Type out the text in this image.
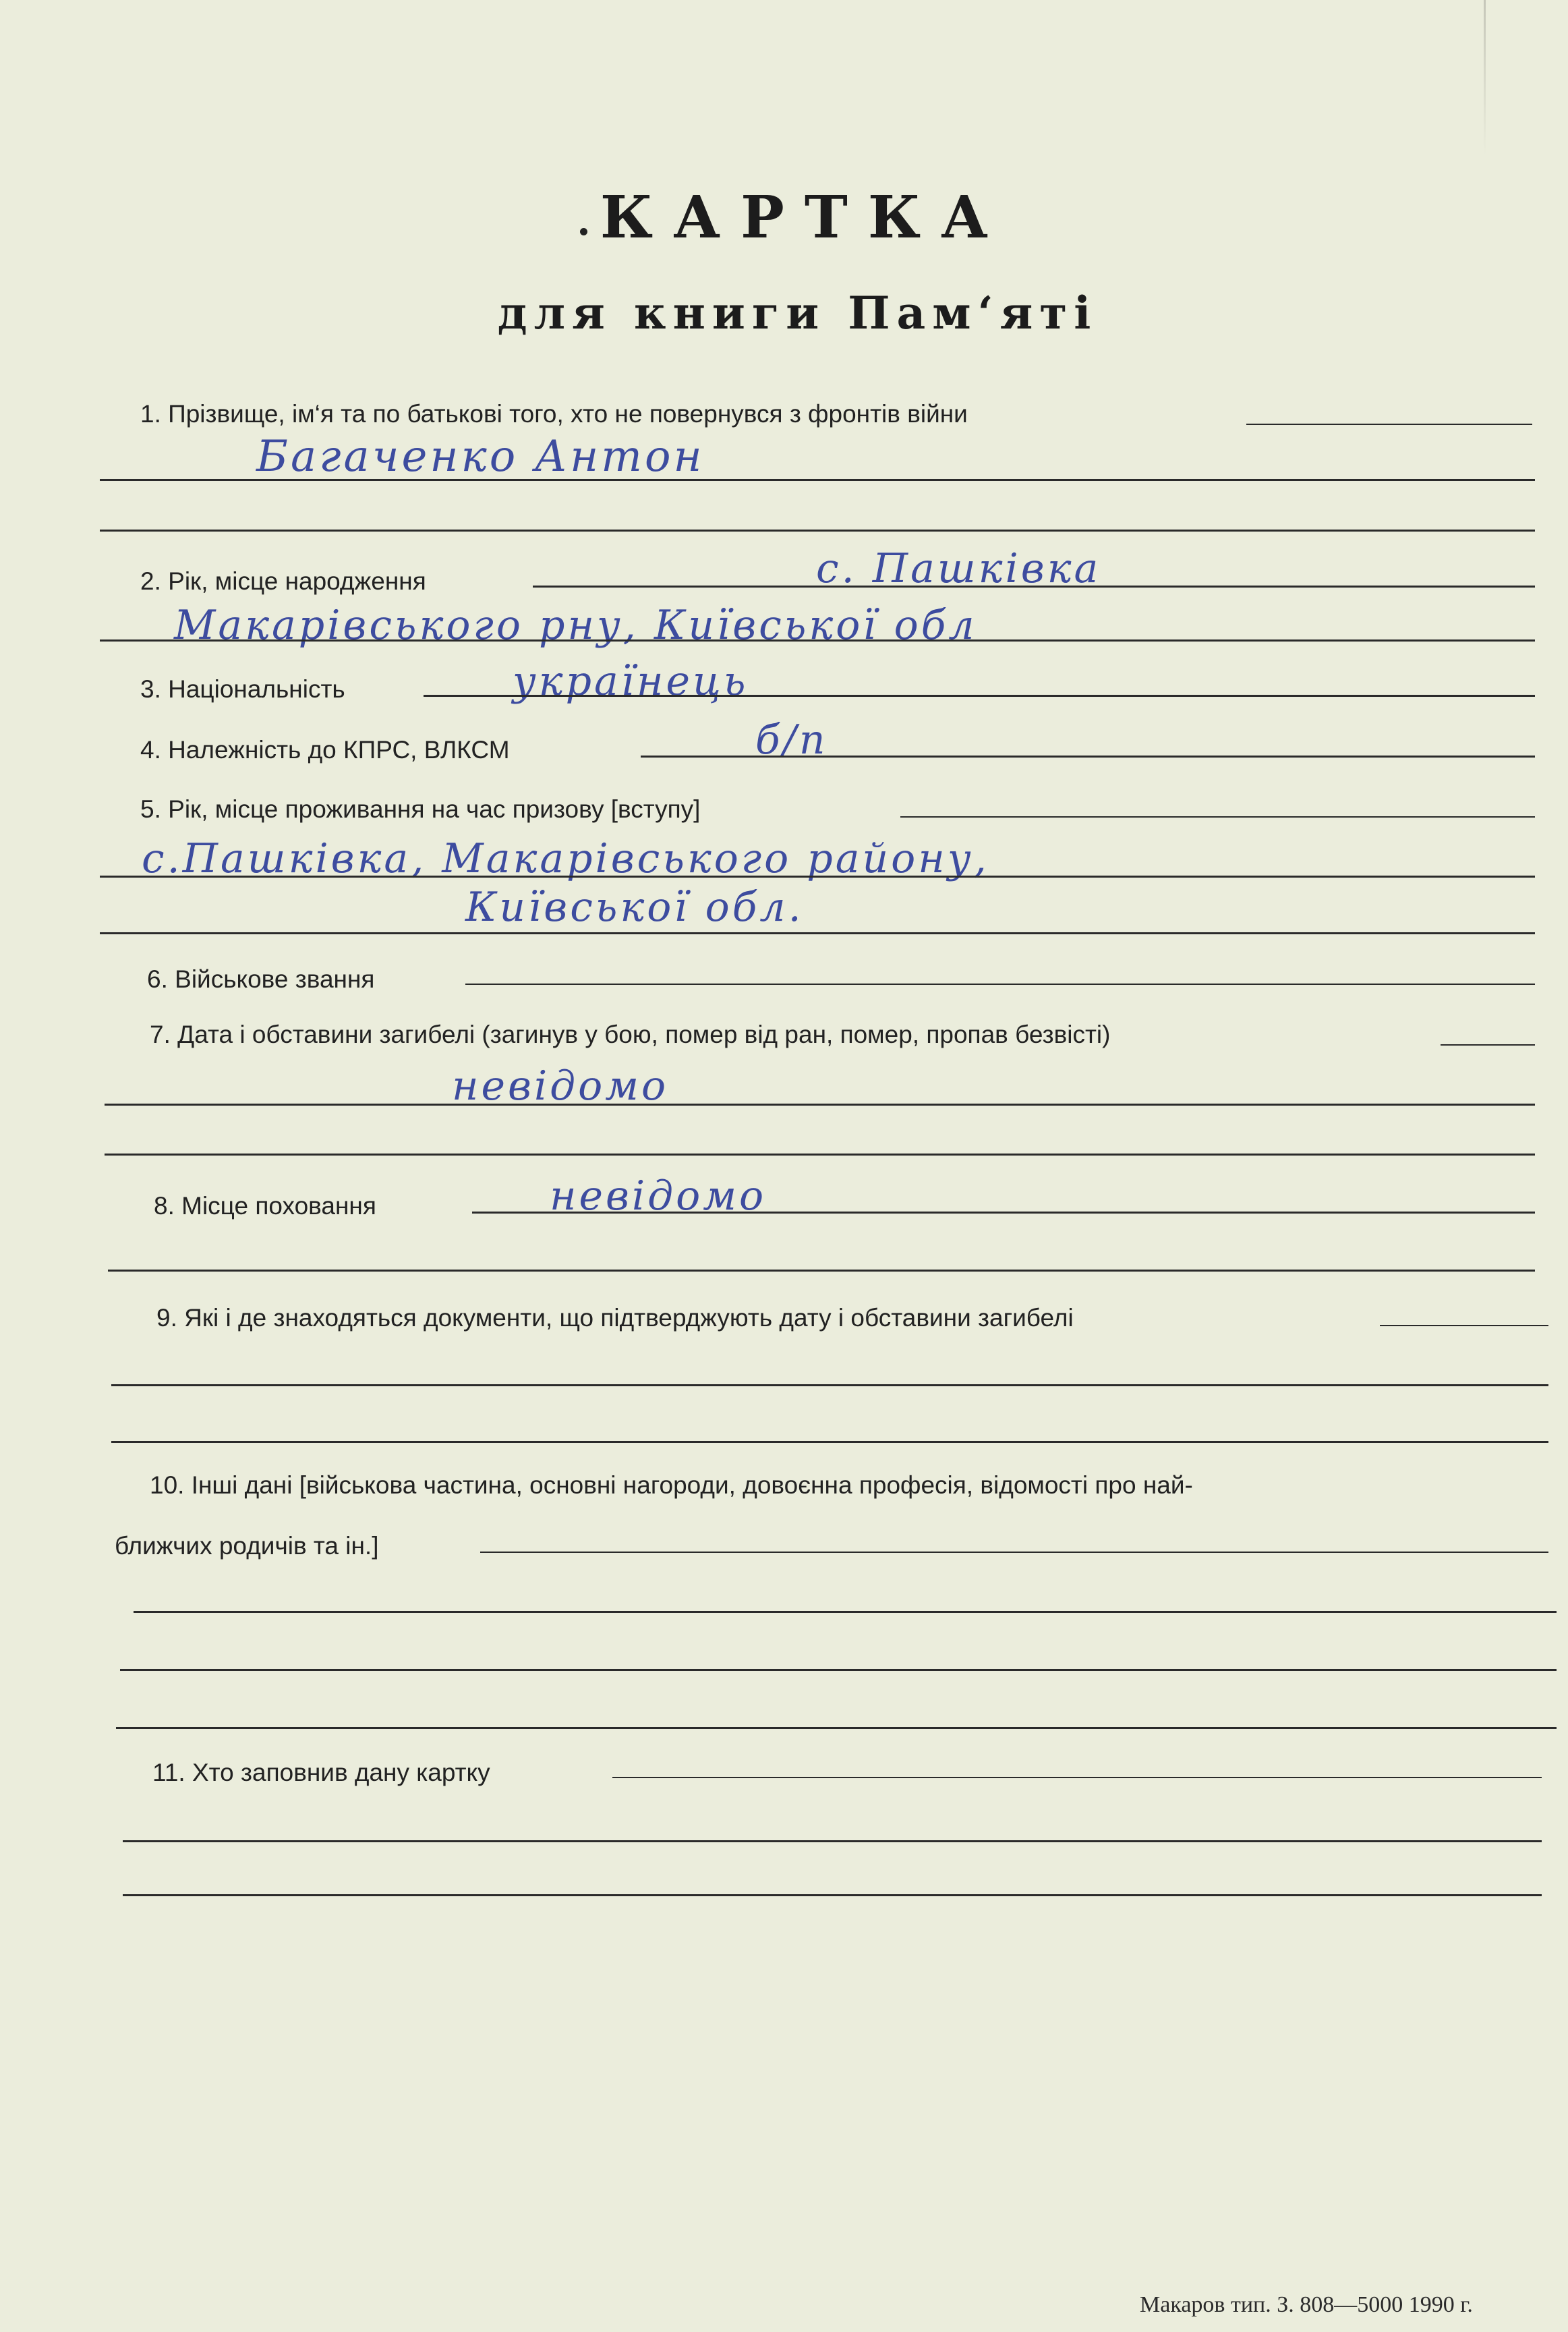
КАРТКА
для книги Пам‘яті
1. Прізвище, ім‘я та по батькові того, хто не повернувся з фронтів війни
Багаченко Антон
2. Рік, місце народження	с. Пашківка
Макарівського рну, Київської обл
3. Національність	українець
4. Належність до КПРС, ВЛКСМ	б/п
5. Рік, місце проживання на час призову [вступу]
с.Пашківка, Макарівського району,
Київської обл.
6. Військове звання
7. Дата і обставини загибелі (загинув у бою, помер від ран, помер, пропав безвісті)
невідомо
8. Місце поховання	невідомо
9. Які і де знаходяться документи, що підтверджують дату і обставини загибелі
10. Інші дані [військова частина, основні нагороди, довоєнна професія, відомості про най-
ближчих родичів та ін.]
11. Хто заповнив дану картку
Макаров тип. З. 808—5000 1990 г.
